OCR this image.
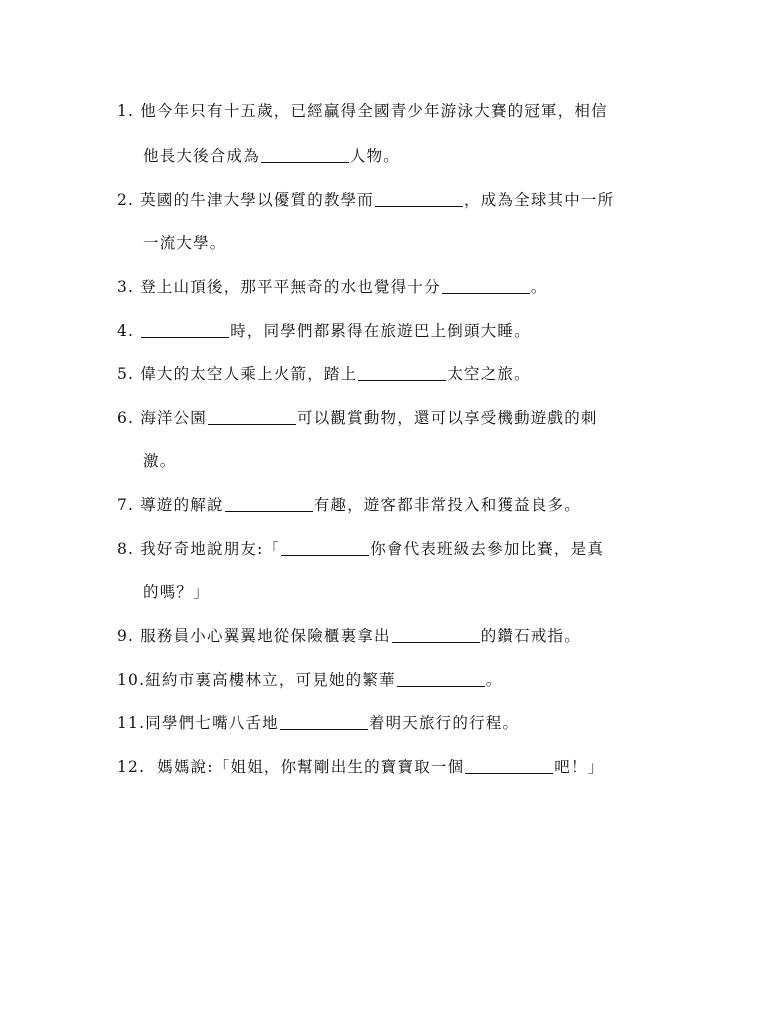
1. 他今年只有十五歲，已經贏得全國青少年游泳大賽的冠軍，相信
他長大後合成為	人物。
2. 英國的牛津大學以優質的教學而	，成為全球其中一所
一流大學。
3. 登上山頂後，那平平無奇的水也覺得十分	。
4.	時，同學們都累得在旅遊巴上倒頭大睡。
5. 偉大的太空人乘上火箭，踏上	太空之旅。
6. 海洋公園	可以觀賞動物，還可以享受機動遊戲的刺
激。
7. 導遊的解說	有趣，遊客都非常投入和獲益良多。
8. 我好奇地說朋友:「	你會代表班級去參加比賽，是真
的嗎？」
9. 服務員小心翼翼地從保險櫃裏拿出	的鑽石戒指。
10.紐約市裏高樓林立，可見她的繁華	。
11.同學們七嘴八舌地	着明天旅行的行程。
12. 媽媽說:「姐姐，你幫剛出生的寶寶取一個	吧！」
